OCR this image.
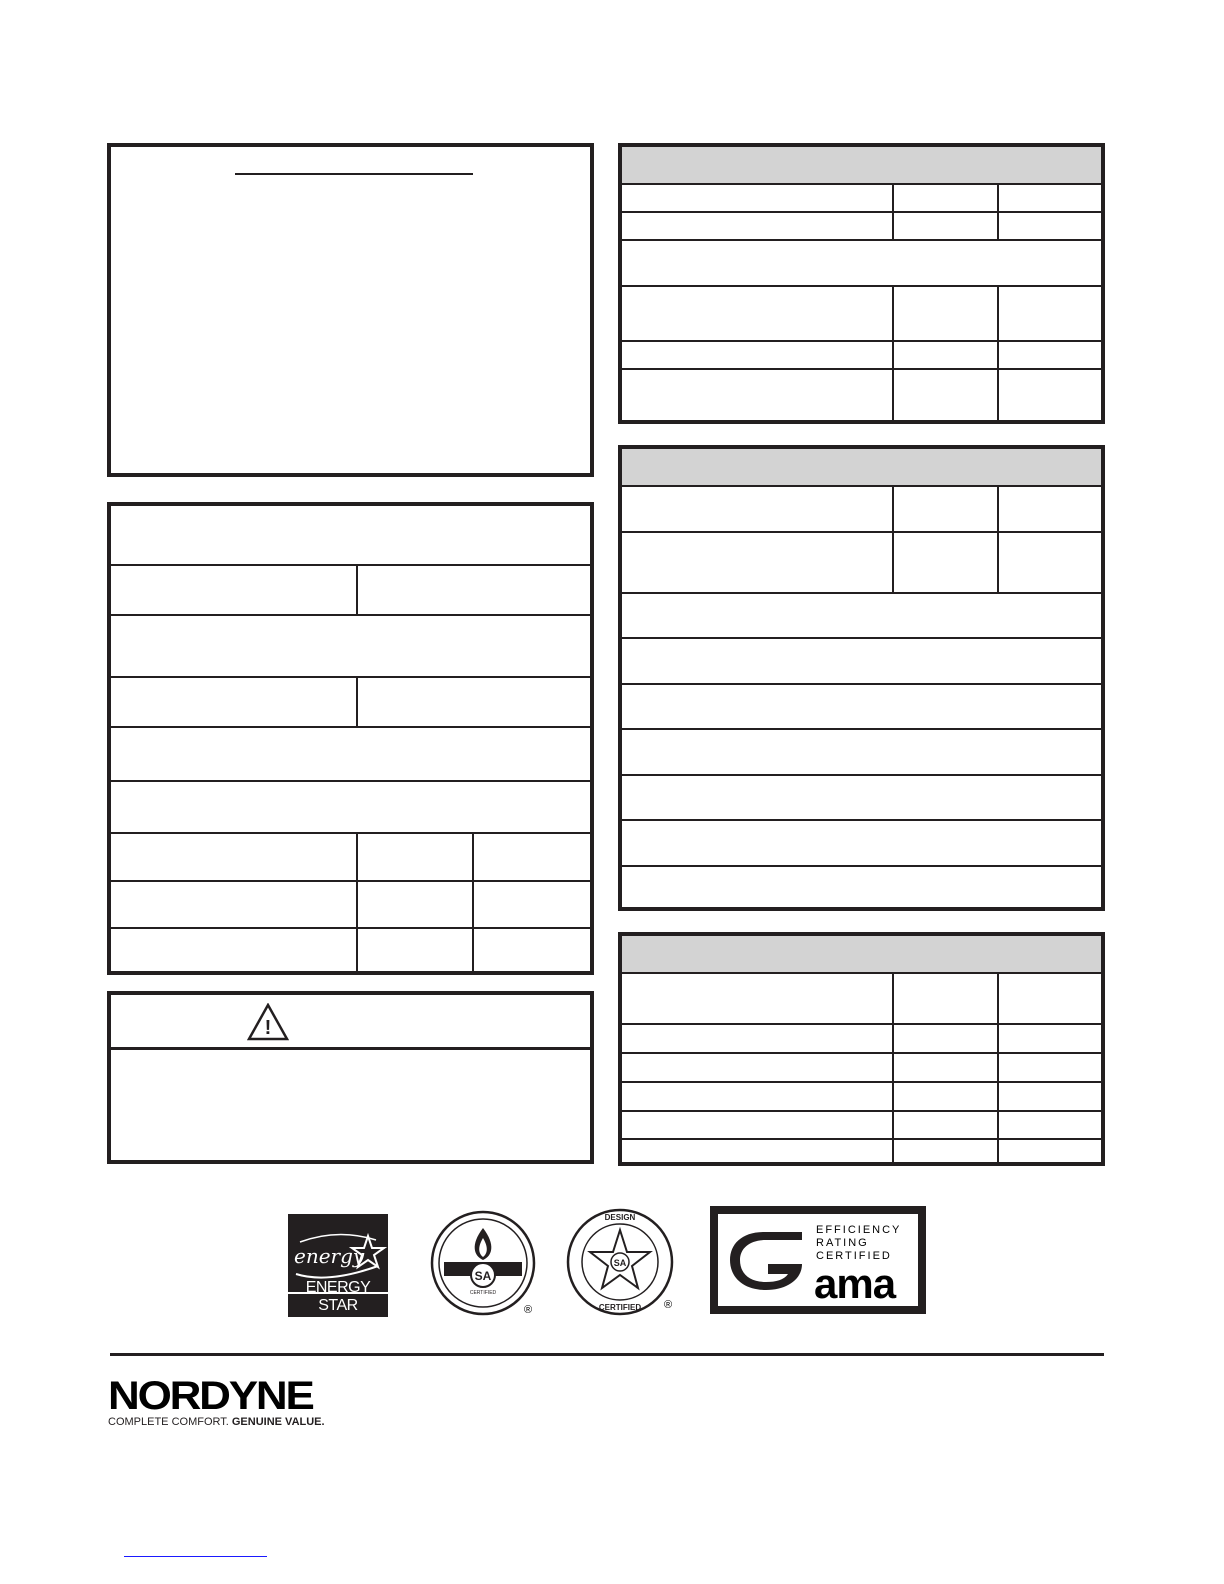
!
energy
ENERGY STAR
SA
CERTIFIED
®
SA
DESIGN
CERTIFIED ®
EFFICIENCY
RATING
CERTIFIED
ama
NORDYNE
COMPLETE COMFORT. GENUINE VALUE.
